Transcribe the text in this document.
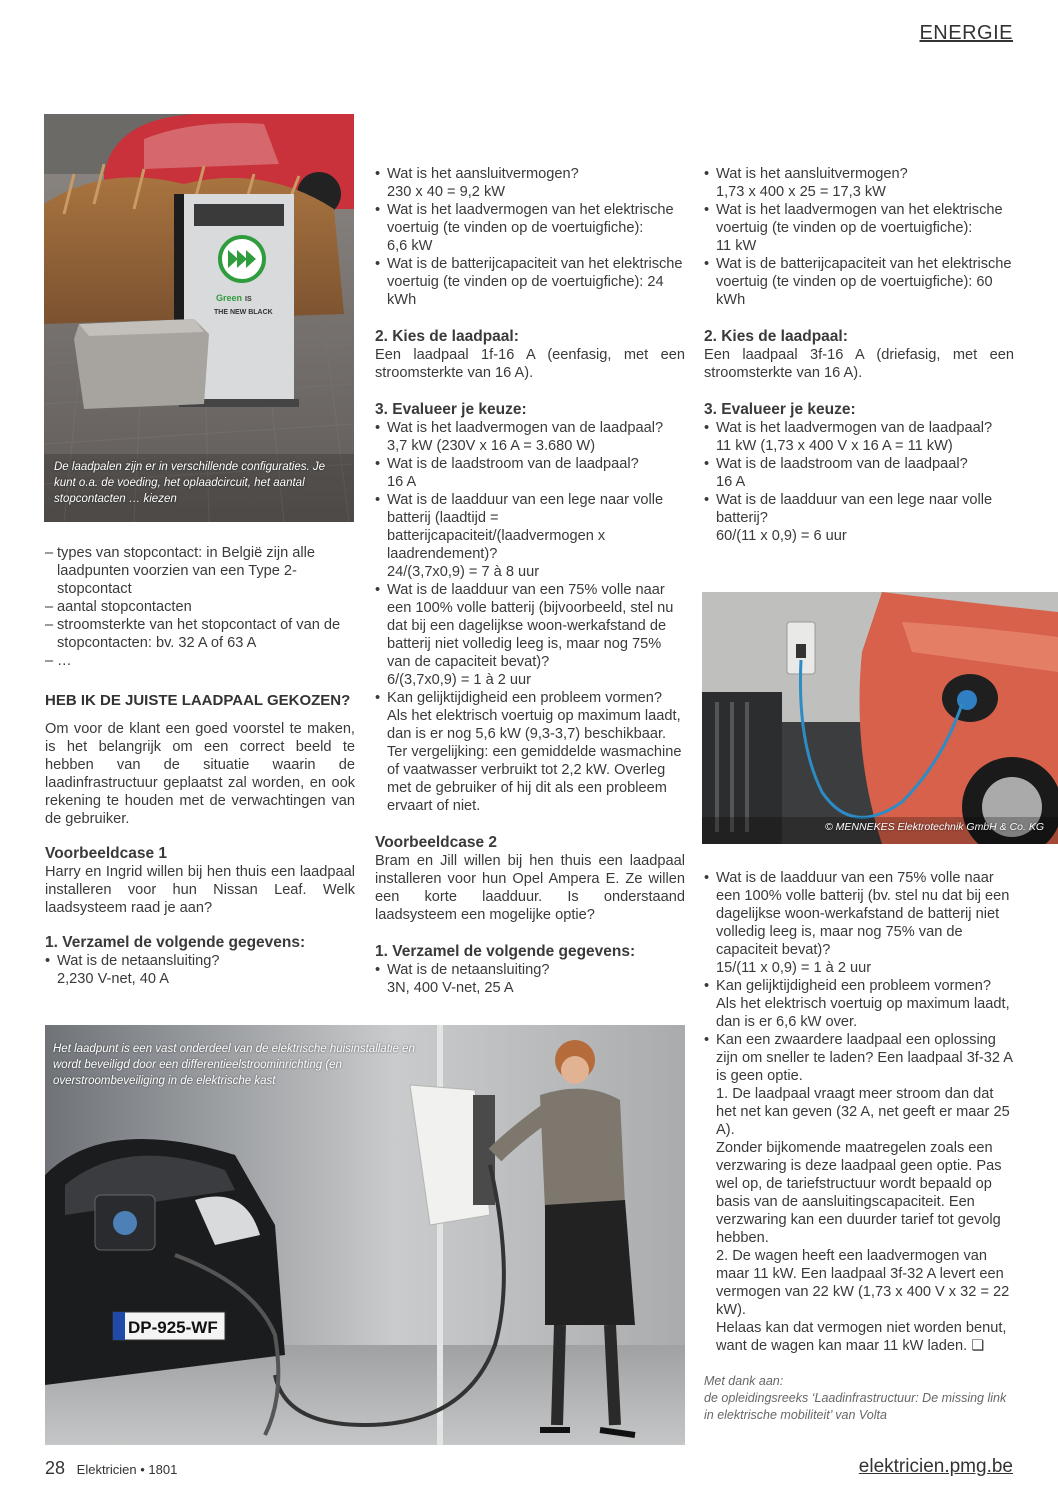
ENERGIE
Green IS
THE NEW BLACK
De laadpalen zijn er in verschillende configuraties. Je kunt o.a. de voeding, het oplaadcircuit, het aantal stopcontacten … kiezen
– types van stopcontact: in België zijn alle laadpunten voorzien van een Type 2-stopcontact
– aantal stopcontacten
– stroomsterkte van het stopcontact of van de stopcontacten: bv. 32 A of 63 A
– …

HEB IK DE JUISTE LAADPAAL GEKOZEN?

Om voor de klant een goed voorstel te maken, is het belangrijk om een correct beeld te hebben van de situatie waarin de laadinfrastructuur geplaatst zal worden, en ook rekening te houden met de verwachtingen van de gebruiker.

Voorbeeldcase 1

Harry en Ingrid willen bij hen thuis een laadpaal installeren voor hun Nissan Leaf. Welk laadsysteem raad je aan?

1. Verzamel de volgende gegevens:

• Wat is de netaansluiting?
2,230 V-net, 40 A
• Wat is het aansluitvermogen?
230 x 40 = 9,2 kW
• Wat is het laadvermogen van het elektrische voertuig (te vinden op de voertuigfiche):
6,6 kW
• Wat is de batterijcapaciteit van het elektrische voertuig (te vinden op de voertuigfiche): 24 kWh

2. Kies de laadpaal:

Een laadpaal 1f-16 A (eenfasig, met een stroomsterkte van 16 A).

3. Evalueer je keuze:

• Wat is het laadvermogen van de laadpaal?
3,7 kW (230V x 16 A = 3.680 W)
• Wat is de laadstroom van de laadpaal?
16 A
• Wat is de laadduur van een lege naar volle batterij (laadtijd = batterijcapaciteit/(laadvermogen x laadrendement)?
24/(3,7x0,9) = 7 à 8 uur
• Wat is de laadduur van een 75% volle naar een 100% volle batterij (bijvoorbeeld, stel nu dat bij een dagelijkse woon-werkafstand de batterij niet volledig leeg is, maar nog 75% van de capaciteit bevat)?
6/(3,7x0,9) = 1 à 2 uur
• Kan gelijktijdigheid een probleem vormen?
Als het elektrisch voertuig op maximum laadt, dan is er nog 5,6 kW (9,3-3,7) beschikbaar.
Ter vergelijking: een gemiddelde wasmachine of vaatwasser verbruikt tot 2,2 kW. Overleg met de gebruiker of hij dit als een probleem ervaart of niet.

Voorbeeldcase 2

Bram en Jill willen bij hen thuis een laadpaal installeren voor hun Opel Ampera E. Ze willen een korte laadduur. Is onderstaand laadsysteem een mogelijke optie?

1. Verzamel de volgende gegevens:

• Wat is de netaansluiting?
3N, 400 V-net, 25 A
• Wat is het aansluitvermogen?
1,73 x 400 x 25 = 17,3 kW
• Wat is het laadvermogen van het elektrische voertuig (te vinden op de voertuigfiche):
11 kW
• Wat is de batterijcapaciteit van het elektrische voertuig (te vinden op de voertuigfiche): 60 kWh

2. Kies de laadpaal:

Een laadpaal 3f-16 A (driefasig, met een stroomsterkte van 16 A).

3. Evalueer je keuze:

• Wat is het laadvermogen van de laadpaal?
11 kW (1,73 x 400 V x 16 A = 11 kW)
• Wat is de laadstroom van de laadpaal?
16 A
• Wat is de laadduur van een lege naar volle batterij?
60/(11 x 0,9) = 6 uur
© MENNEKES Elektrotechnik GmbH & Co. KG
• Wat is de laadduur van een 75% volle naar een 100% volle batterij (bv. stel nu dat bij een dagelijkse woon-werkafstand de batterij niet volledig leeg is, maar nog 75% van de capaciteit bevat)?
15/(11 x 0,9) = 1 à 2 uur
• Kan gelijktijdigheid een probleem vormen?
Als het elektrisch voertuig op maximum laadt, dan is er 6,6 kW over.
• Kan een zwaardere laadpaal een oplossing zijn om sneller te laden? Een laadpaal 3f-32 A is geen optie.
1. De laadpaal vraagt meer stroom dan dat het net kan geven (32 A, net geeft er maar 25 A).
Zonder bijkomende maatregelen zoals een verzwaring is deze laadpaal geen optie. Pas wel op, de tariefstructuur wordt bepaald op basis van de aansluitingscapaciteit. Een verzwaring kan een duurder tarief tot gevolg hebben.
2. De wagen heeft een laadvermogen van maar 11 kW. Een laadpaal 3f-32 A levert een vermogen van 22 kW (1,73 x 400 V x 32 = 22 kW).
Helaas kan dat vermogen niet worden benut, want de wagen kan maar 11 kW laden. ❏
Met dank aan:
de opleidingsreeks ‘Laadinfrastructuur: De missing link in elektrische mobiliteit’ van Volta
DP-925-WF
Het laadpunt is een vast onderdeel van de elektrische huisinstallatie en wordt beveiligd door een differentieelstroominrichting (en overstroombeveiliging in de elektrische kast
28 Elektricien • 1801	elektricien.pmg.be
